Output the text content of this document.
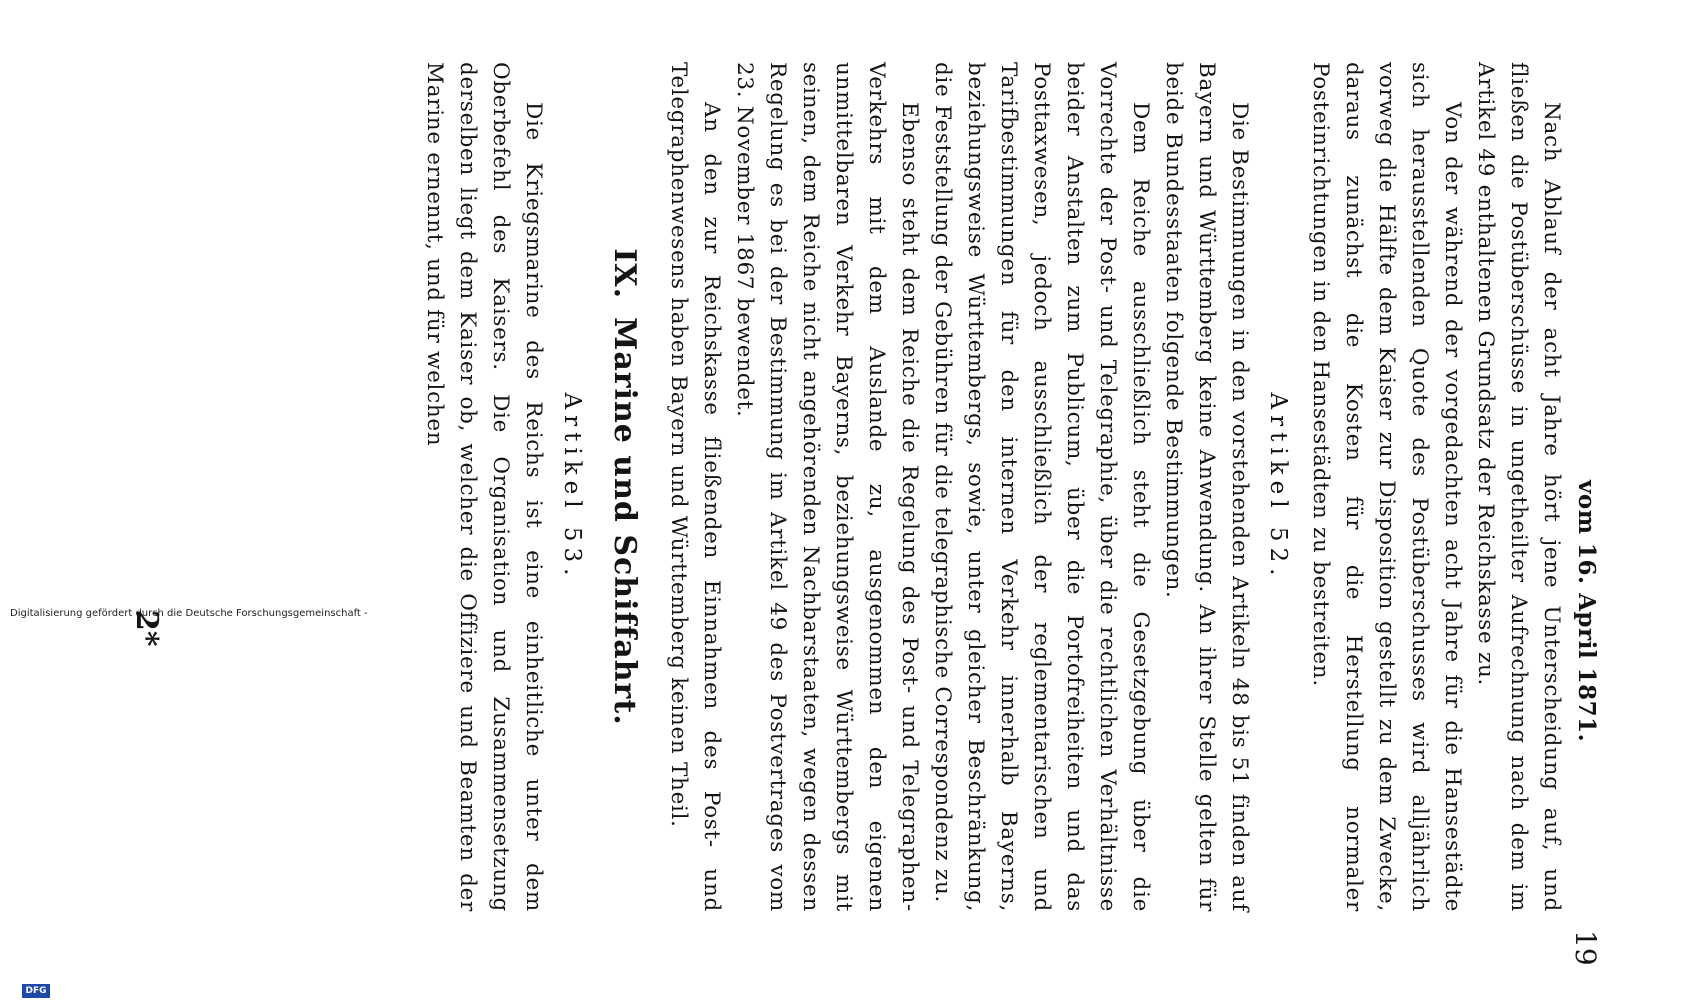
Digitalisierung gefördert durch die Deutsche Forschungsgemeinschaft -
DFG
vom 16. April 1871.
19

Nach Ablauf der acht Jahre hört jene Unterscheidung auf, und fließen die Postüberschüsse in ungetheilter Aufrechnung nach dem im Artikel 49 enthaltenen Grundsatz der Reichskasse zu.

Von der während der vorgedachten acht Jahre für die Hansestädte sich herausstellenden Quote des Postüberschusses wird alljährlich vorweg die Hälfte dem Kaiser zur Disposition gestellt zu dem Zwecke, daraus zunächst die Kosten für die Herstellung normaler Posteinrichtungen in den Hansestädten zu bestreiten.

Artikel 52.

Die Bestimmungen in den vorstehenden Artikeln 48 bis 51 finden auf Bayern und Württemberg keine Anwendung. An ihrer Stelle gelten für beide Bundesstaaten folgende Bestimmungen.

Dem Reiche ausschließlich steht die Gesetzgebung über die Vorrechte der Post- und Telegraphie, über die rechtlichen Verhältnisse beider Anstalten zum Publicum, über die Portofreiheiten und das Posttaxwesen, jedoch ausschließlich der reglementarischen und Tarifbestimmungen für den internen Verkehr innerhalb Bayerns, beziehungsweise Württembergs, sowie, unter gleicher Beschränkung, die Feststellung der Gebühren für die telegraphische Correspondenz zu.

Ebenso steht dem Reiche die Regelung des Post- und Telegraphen-Verkehrs mit dem Auslande zu, ausgenommen den eigenen unmittelbaren Verkehr Bayerns, beziehungsweise Württembergs mit seinen, dem Reiche nicht angehörenden Nachbarstaaten, wegen dessen Regelung es bei der Bestimmung im Artikel 49 des Postvertrages vom 23. November 1867 bewendet.

An den zur Reichskasse fließenden Einnahmen des Post- und Telegraphenwesens haben Bayern und Württemberg keinen Theil.

IX.Marine und Schiffahrt.
Artikel 53.

Die Kriegsmarine des Reichs ist eine einheitliche unter dem Oberbefehl des Kaisers. Die Organisation und Zusammensetzung derselben liegt dem Kaiser ob, welcher die Offiziere und Beamten der Marine ernennt, und für welchen

2*
